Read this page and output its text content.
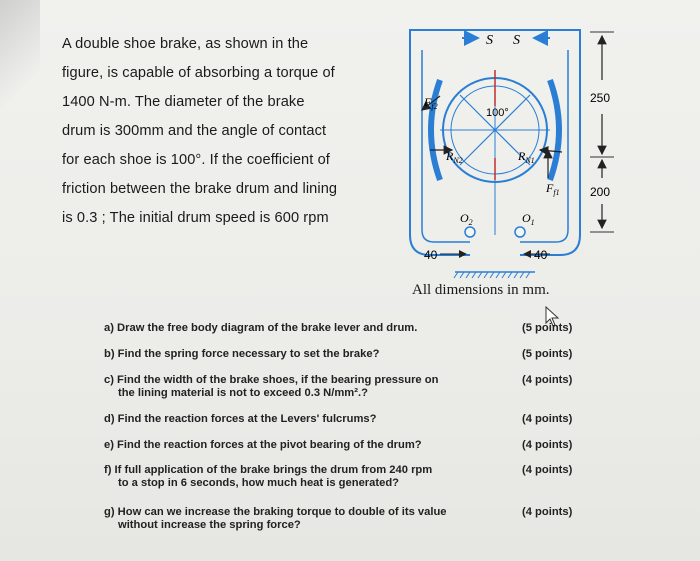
A double shoe brake, as shown in the
figure, is capable of absorbing a torque of
1400 N-m. The diameter of the brake
drum is 300mm and the angle of contact
for each shoe is 100°. If the coefficient of
friction between the brake drum and lining
is 0.3 ; The initial drum speed is 600 rpm
S S
$F_{f2}$
100°
$R_{N2}$	$R_{N1}$
$F_{f1}$
$O_2$	$O_1$
40	40
250
200
All dimensions in mm.
a) Draw the free body diagram of the brake lever and drum.	(5 points)
b) Find the spring force necessary to set the brake?	(5 points)
c) Find the width of the brake shoes, if the bearing pressure on
the lining material is not to exceed 0.3 N/mm².?
(4 points)
d) Find the reaction forces at the Levers' fulcrums?	(4 points)
e) Find the reaction forces at the pivot bearing of the drum?	(4 points)
f) If full application of the brake brings the drum from 240 rpm
to a stop in 6 seconds, how much heat is generated?
(4 points)
g) How can we increase the braking torque to double of its value
without increase the spring force?
(4 points)
